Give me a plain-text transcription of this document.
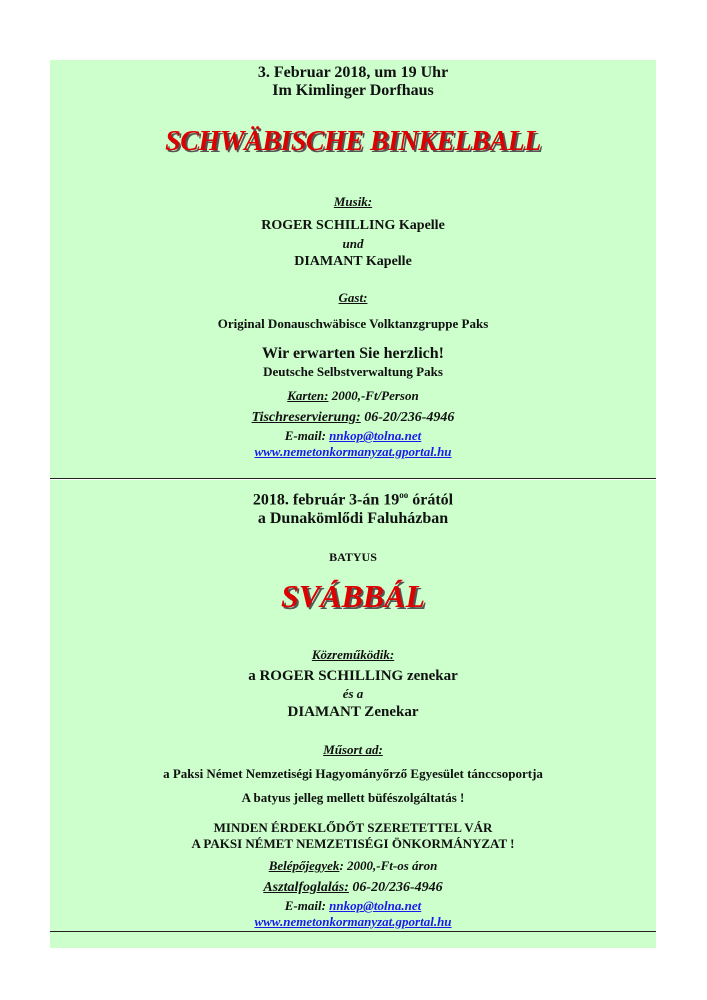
3. Februar 2018, um 19 Uhr
Im Kimlinger Dorfhaus
SCHWÄBISCHE BINKELBALL
Musik:
ROGER SCHILLING Kapelle
und
DIAMANT Kapelle
Gast:
Original Donauschwäbisce Volktanzgruppe Paks
Wir erwarten Sie herzlich!
Deutsche Selbstverwaltung Paks
Karten: 2000,-Ft/Person
Tischreservierung: 06-20/236-4946
E-mail: nnkop@tolna.net
www.nemetonkormanyzat.gportal.hu
2018. február 3-án $19^{oo}$ órától
a Dunakömlődi Faluházban
BATYUS
SVÁBBÁL
Közreműködik:
a ROGER SCHILLING zenekar
és a
DIAMANT Zenekar
Műsort ad:
a Paksi Német Nemzetiségi Hagyományőrző Egyesület tánccsoportja
A batyus jelleg mellett büfészolgáltatás !
MINDEN ÉRDEKLŐDŐT SZERETETTEL VÁR
A PAKSI NÉMET NEMZETISÉGI ÖNKORMÁNYZAT !
Belépőjegyek: 2000,-Ft-os áron
Asztalfoglalás: 06-20/236-4946
E-mail: nnkop@tolna.net
www.nemetonkormanyzat.gportal.hu
